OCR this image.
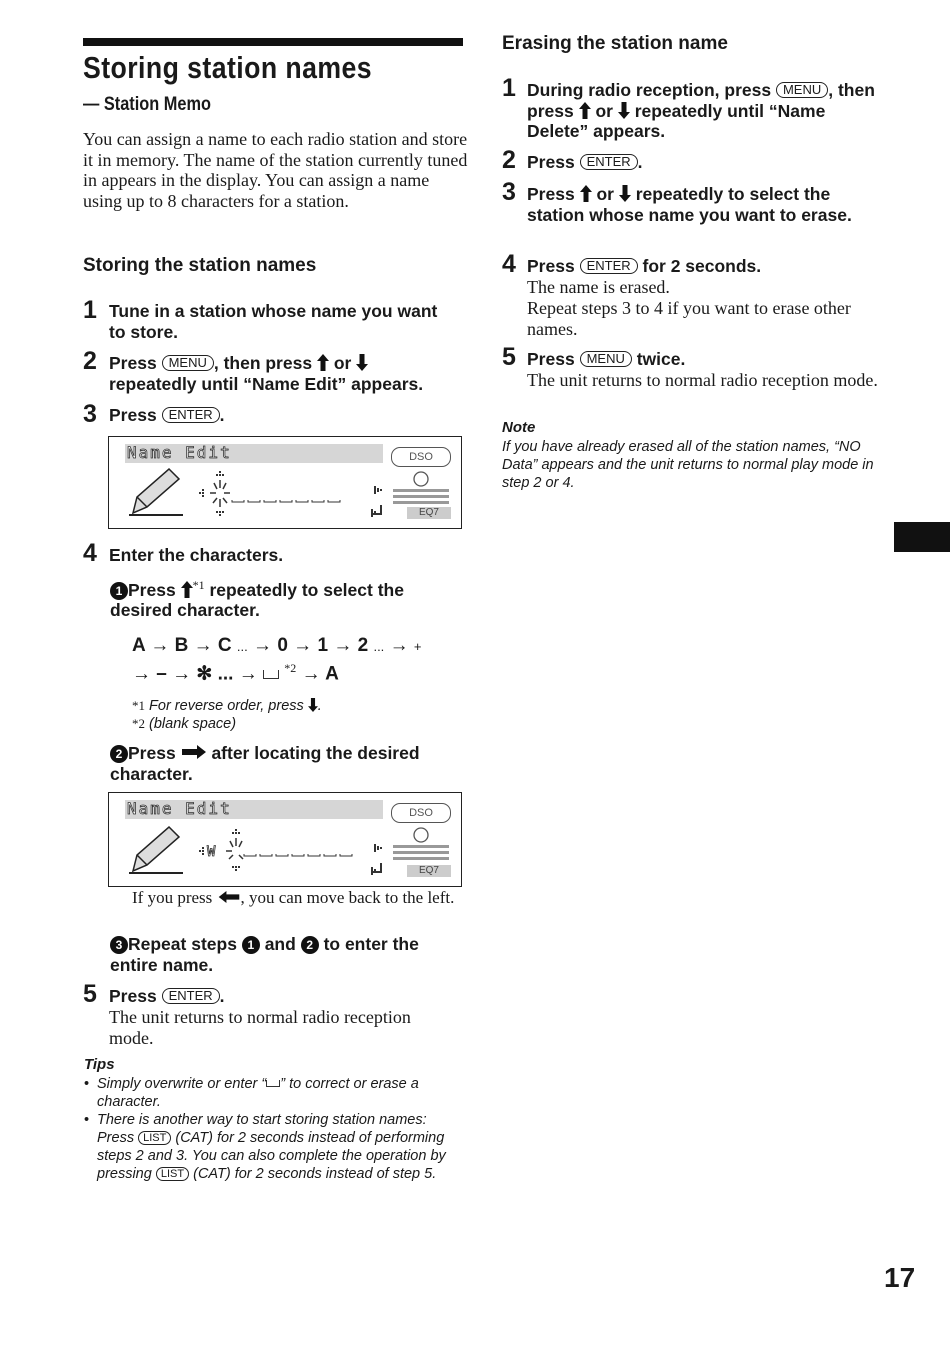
Storing station names
— Station Memo
You can assign a name to each radio station and store it in memory. The name of the station currently tuned in appears in the display. You can assign a name using up to 8 characters for a station.
Storing the station names
1 Tune in a station whose name you want to store.
2 Press MENU , then press or
repeatedly until “Name Edit” appears.
3 Press ENTER .
Name Edit	DSO
EQ7
4 Enter the characters.
1 Press $^{*1}$ repeatedly to select the desired character.
A → B → C ... → 0 → 1 → 2 ... → +
→ – → ✻ ... → $^{*2}$ → A
*1 For reverse order, press .
*2 (blank space)
2 Press after locating the desired character.
Name Edit
W
DSO
EQ7
If you press , you can move back to the left.
3 Repeat steps 1 and 2 to enter the entire name.
5 Press ENTER .
The unit returns to normal radio reception mode.
Tips
• Simply overwrite or enter “ ” to correct or erase a character.
• There is another way to start storing station names: Press LIST (CAT) for 2 seconds instead of performing steps 2 and 3. You can also complete the operation by pressing LIST (CAT) for 2 seconds instead of step 5.
Erasing the station name
1 During radio reception, press MENU , then press or repeatedly until “Name Delete” appears.
2 Press ENTER .
3 Press or repeatedly to select the station whose name you want to erase.
4 Press ENTER for 2 seconds.
The name is erased.
Repeat steps 3 to 4 if you want to erase other names.
5 Press MENU twice.
The unit returns to normal radio reception mode.
Note
If you have already erased all of the station names, “NO Data” appears and the unit returns to normal play mode in step 2 or 4.
17
